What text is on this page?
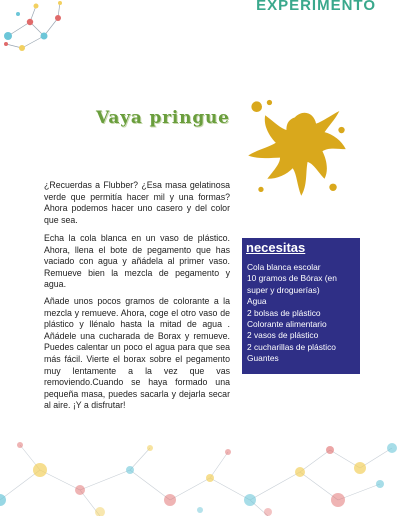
EXPERIMENTO
Vaya pringue

¿Recuerdas a Flubber? ¿Esa masa gelatinosa verde que permitía hacer mil y una formas?Ahora podemos hacer uno casero y del color que sea.

Echa la cola blanca en un vaso de plástico. Ahora, llena el bote de pegamento que has vaciado con agua y añádela al primer vaso. Remueve bien la mezcla de pegamento y agua.

Añade unos pocos gramos de colorante a la mezcla y remueve. Ahora, coge el otro vaso de plástico y llénalo hasta la mitad de agua . Añádele una cucharada de Borax y remueve. Puedes calentar un poco el agua para que sea más fácil. Vierte el borax sobre el pegamento muy lentamente a la vez que vas removiendo.Cuando se haya formado una pequeña masa, puedes sacarla y dejarla secar al aire. ¡Y a disfrutar!

necesitas
Cola blanca escolar
10 gramos de Bórax (en super y droguerías)
Agua
2 bolsas de plástico
Colorante alimentario
2 vasos de plástico
2 cucharillas de plástico
Guantes
